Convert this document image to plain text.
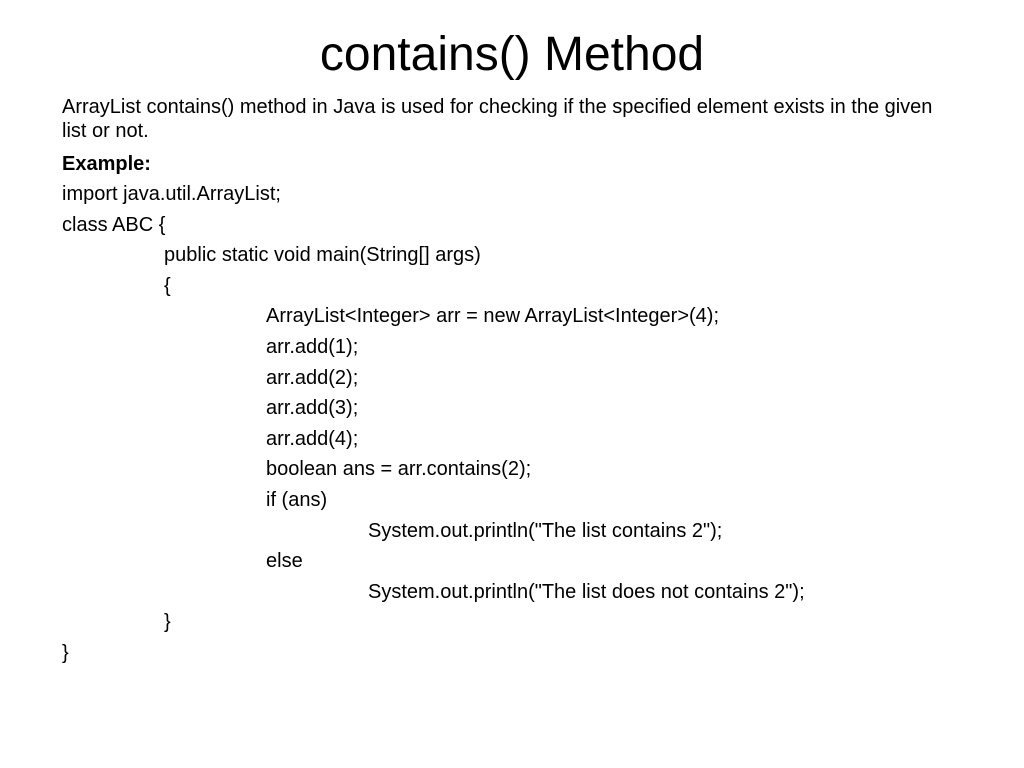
contains() Method

ArrayList contains() method in Java is used for checking if the specified element exists in the given list or not.

Example:
import java.util.ArrayList;
class ABC {
public static void main(String[] args)
{
ArrayList<Integer> arr = new ArrayList<Integer>(4);
arr.add(1);
arr.add(2);
arr.add(3);
arr.add(4);
boolean ans = arr.contains(2);
if (ans)
System.out.println("The list contains 2");
else
System.out.println("The list does not contains 2");
}
}
